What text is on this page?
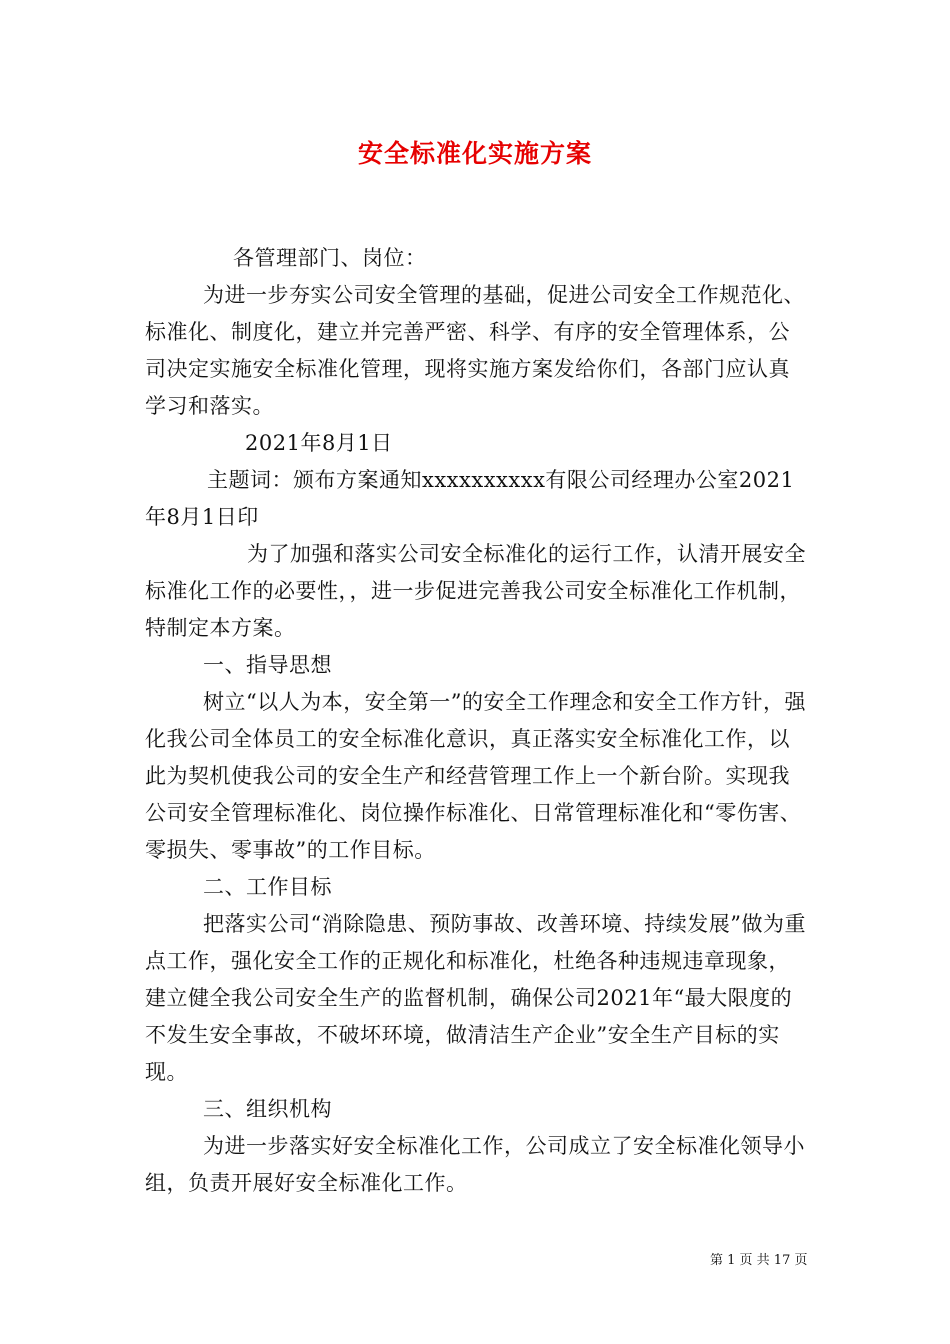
安全标准化实施方案

各管理部门、岗位：

为进一步夯实公司安全管理的基础，促进公司安全工作规范化、标准化、制度化，建立并完善严密、科学、有序的安全管理体系，公司决定实施安全标准化管理，现将实施方案发给你们，各部门应认真学习和落实。

2021年8月1日

主题词：颁布方案通知xxxxxxxxxx有限公司经理办公室2021年8月1日印

为了加强和落实公司安全标准化的运行工作，认清开展安全标准化工作的必要性，，进一步促进完善我公司安全标准化工作机制，特制定本方案。

一、指导思想

树立“以人为本，安全第一”的安全工作理念和安全工作方针，强化我公司全体员工的安全标准化意识，真正落实安全标准化工作，以此为契机使我公司的安全生产和经营管理工作上一个新台阶。实现我公司安全管理标准化、岗位操作标准化、日常管理标准化和“零伤害、零损失、零事故”的工作目标。

二、工作目标

把落实公司“消除隐患、预防事故、改善环境、持续发展”做为重点工作，强化安全工作的正规化和标准化，杜绝各种违规违章现象，建立健全我公司安全生产的监督机制，确保公司2021年“最大限度的不发生安全事故，不破坏环境，做清洁生产企业”安全生产目标的实现。

三、组织机构

为进一步落实好安全标准化工作，公司成立了安全标准化领导小组，负责开展好安全标准化工作。

第 1 页 共 17 页
